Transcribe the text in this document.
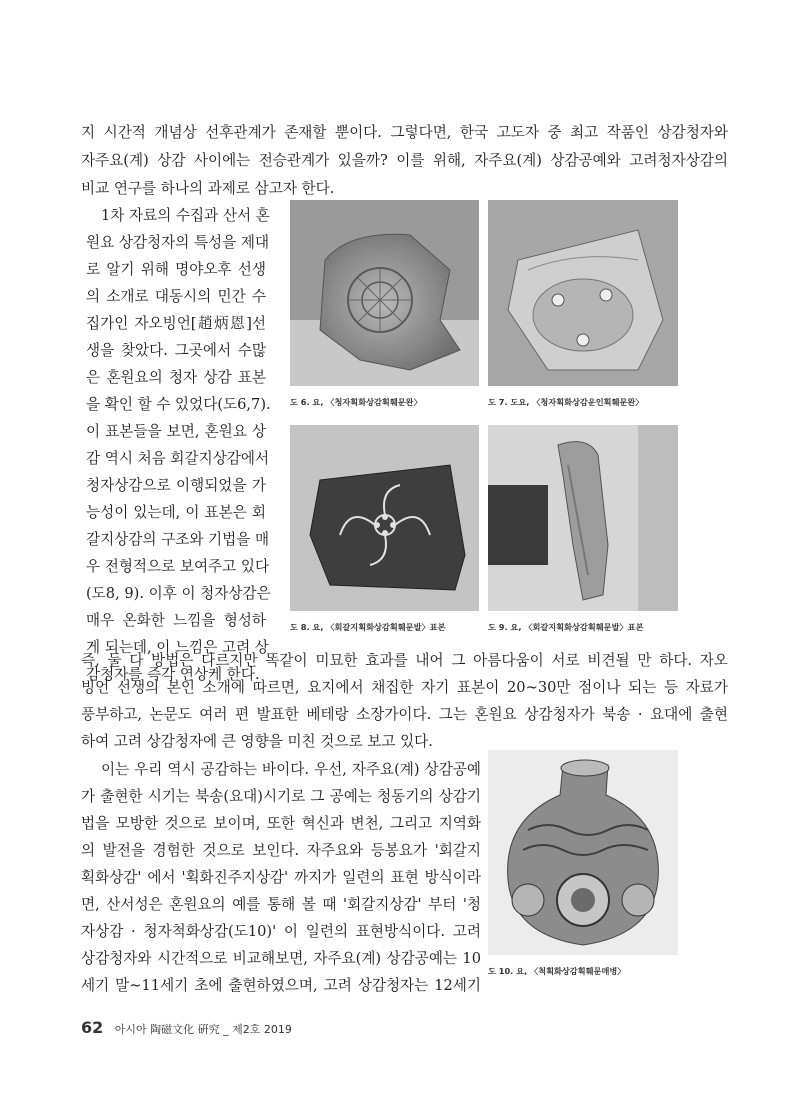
지 시간적 개념상 선후관계가 존재할 뿐이다. 그렇다면, 한국 고도자 중 최고 작품인 상감청자와
자주요(계) 상감 사이에는 전승관계가 있을까? 이를 위해, 자주요(계) 상감공예와 고려청자상감의
비교 연구를 하나의 과제로 삼고자 한다.
1차 자료의 수집과 산서 혼
원요 상감청자의 특성을 제대
로 알기 위해 명야오후 선생
의 소개로 대동시의 민간 수
집가인 자오빙언[趙炳恩]선
생을 찾았다. 그곳에서 수많
은 혼원요의 청자 상감 표본
을 확인 할 수 있었다(도6,7).
이 표본들을 보면, 혼원요 상
감 역시 처음 회갈지상감에서
청자상감으로 이행되었을 가
능성이 있는데, 이 표본은 회
갈지상감의 구조와 기법을 매
우 전형적으로 보여주고 있다
(도8, 9). 이후 이 청자상감은
매우 온화한 느낌을 형성하
게 되는데, 이 느낌은 고려 상
감청자를 즉각 연상케 한다.
도 6. 요, 〈청자획화상감획훼문완〉	도 7. 도요, 〈청자획화상감운인획훼문완〉
도 8. 요, 〈회갈지획화상감획훼문발〉표본	도 9. 요, 〈회갈지획화상감획훼문발〉표본
즉, 둘 다 방법은 다르지만 똑같이 미묘한 효과를 내어 그 아름다움이 서로 비견될 만 하다. 자오
빙언 선생의 본인 소개에 따르면, 요지에서 채집한 자기 표본이 20~30만 점이나 되는 등 자료가
풍부하고, 논문도 여러 편 발표한 베테랑 소장가이다. 그는 혼원요 상감청자가 북송 · 요대에 출현
하여 고려 상감청자에 큰 영향을 미친 것으로 보고 있다.
이는 우리 역시 공감하는 바이다. 우선, 자주요(계) 상감공예
가 출현한 시기는 북송(요대)시기로 그 공예는 청동기의 상감기
법을 모방한 것으로 보이며, 또한 혁신과 변천, 그리고 지역화
의 발전을 경험한 것으로 보인다. 자주요와 등봉요가 '회갈지
획화상감' 에서 '획화진주지상감' 까지가 일련의 표현 방식이라
면, 산서성은 혼원요의 예를 통해 볼 때 '회갈지상감' 부터 '청
자상감 · 청자척화상감(도10)' 이 일련의 표현방식이다. 고려
상감청자와 시간적으로 비교해보면, 자주요(계) 상감공예는 10
세기 말~11세기 초에 출현하였으며, 고려 상감청자는 12세기
도 10. 요, 〈척획화상감획훼문매병〉
62 아시아 陶磁文化 硏究 _ 제2호 2019
